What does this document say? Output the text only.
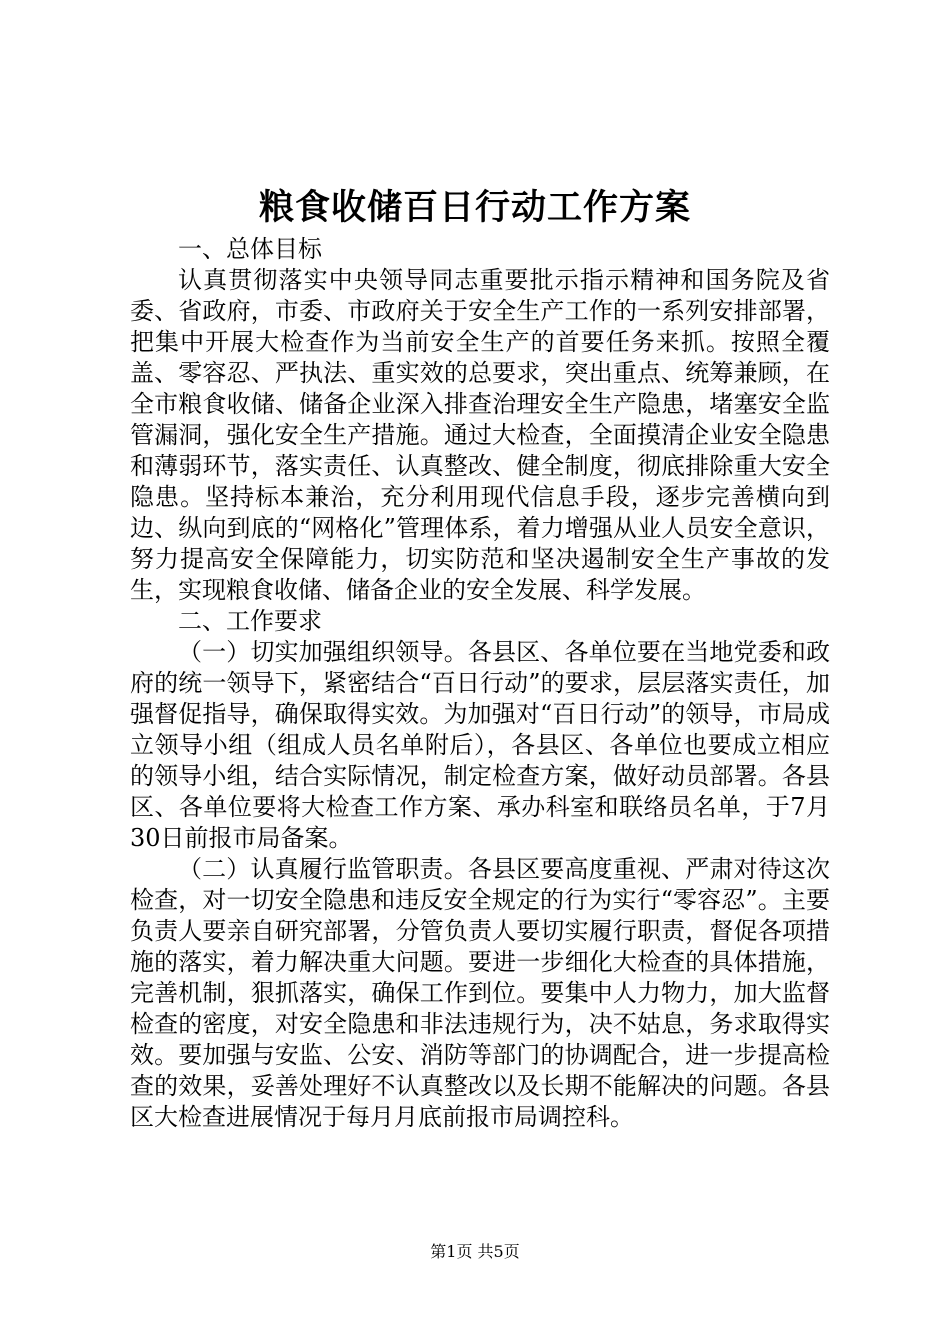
粮食收储百日行动工作方案

一、总体目标

认真贯彻落实中央领导同志重要批示指示精神和国务院及省委、省政府，市委、市政府关于安全生产工作的一系列安排部署，把集中开展大检查作为当前安全生产的首要任务来抓。按照全覆盖、零容忍、严执法、重实效的总要求，突出重点、统筹兼顾，在全市粮食收储、储备企业深入排查治理安全生产隐患，堵塞安全监管漏洞，强化安全生产措施。通过大检查，全面摸清企业安全隐患和薄弱环节，落实责任、认真整改、健全制度，彻底排除重大安全隐患。坚持标本兼治，充分利用现代信息手段，逐步完善横向到边、纵向到底的“网格化”管理体系，着力增强从业人员安全意识，努力提高安全保障能力，切实防范和坚决遏制安全生产事故的发生，实现粮食收储、储备企业的安全发展、科学发展。

二、工作要求

（一）切实加强组织领导。各县区、各单位要在当地党委和政府的统一领导下，紧密结合“百日行动”的要求，层层落实责任，加强督促指导，确保取得实效。为加强对“百日行动”的领导，市局成立领导小组（组成人员名单附后），各县区、各单位也要成立相应的领导小组，结合实际情况，制定检查方案，做好动员部署。各县区、各单位要将大检查工作方案、承办科室和联络员名单，于7月30日前报市局备案。

（二）认真履行监管职责。各县区要高度重视、严肃对待这次检查，对一切安全隐患和违反安全规定的行为实行“零容忍”。主要负责人要亲自研究部署，分管负责人要切实履行职责，督促各项措施的落实，着力解决重大问题。要进一步细化大检查的具体措施，完善机制，狠抓落实，确保工作到位。要集中人力物力，加大监督检查的密度，对安全隐患和非法违规行为，决不姑息，务求取得实效。要加强与安监、公安、消防等部门的协调配合，进一步提高检查的效果，妥善处理好不认真整改以及长期不能解决的问题。各县区大检查进展情况于每月月底前报市局调控科。

第1页 共5页
